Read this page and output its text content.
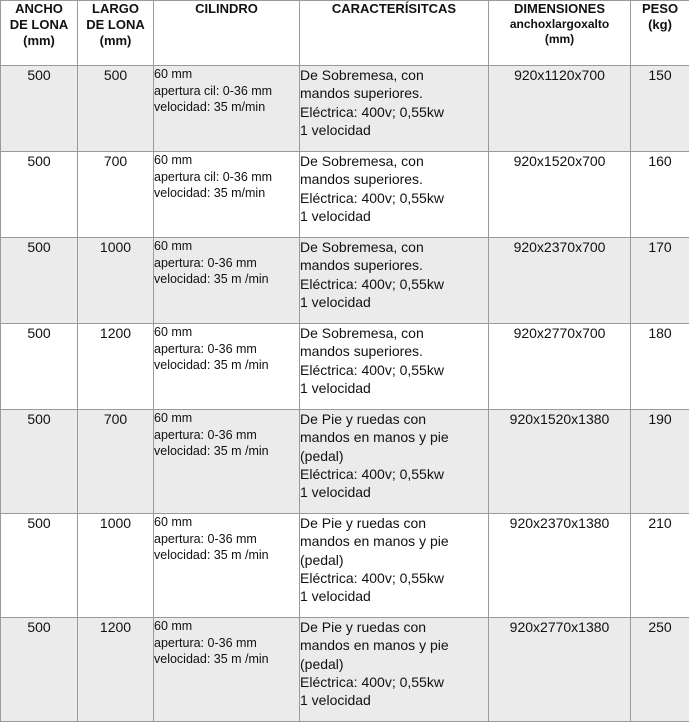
ANCHO
DE LONA
(mm)	LARGO
DE LONA
(mm)	CILINDRO	CARACTERÍSITCAS	DIMENSIONES
anchoxlargoxalto
(mm)	PESO
(kg)

500	500	60 mm
apertura cil: 0-36 mm
velocidad: 35 m/min	De Sobremesa, con
mandos superiores.
Eléctrica: 400v; 0,55kw
1 velocidad	920x1120x700	150
500	700	60 mm
apertura cil: 0-36 mm
velocidad: 35 m/min	De Sobremesa, con
mandos superiores.
Eléctrica: 400v; 0,55kw
1 velocidad	920x1520x700	160
500	1000	60 mm
apertura: 0-36 mm
velocidad: 35 m /min	De Sobremesa, con
mandos superiores.
Eléctrica: 400v; 0,55kw
1 velocidad	920x2370x700	170
500	1200	60 mm
apertura: 0-36 mm
velocidad: 35 m /min	De Sobremesa, con
mandos superiores.
Eléctrica: 400v; 0,55kw
1 velocidad	920x2770x700	180
500	700	60 mm
apertura: 0-36 mm
velocidad: 35 m /min	De Pie y ruedas con
mandos en manos y pie
(pedal)
Eléctrica: 400v; 0,55kw
1 velocidad	920x1520x1380	190
500	1000	60 mm
apertura: 0-36 mm
velocidad: 35 m /min	De Pie y ruedas con
mandos en manos y pie
(pedal)
Eléctrica: 400v; 0,55kw
1 velocidad	920x2370x1380	210
500	1200	60 mm
apertura: 0-36 mm
velocidad: 35 m /min	De Pie y ruedas con
mandos en manos y pie
(pedal)
Eléctrica: 400v; 0,55kw
1 velocidad	920x2770x1380	250
